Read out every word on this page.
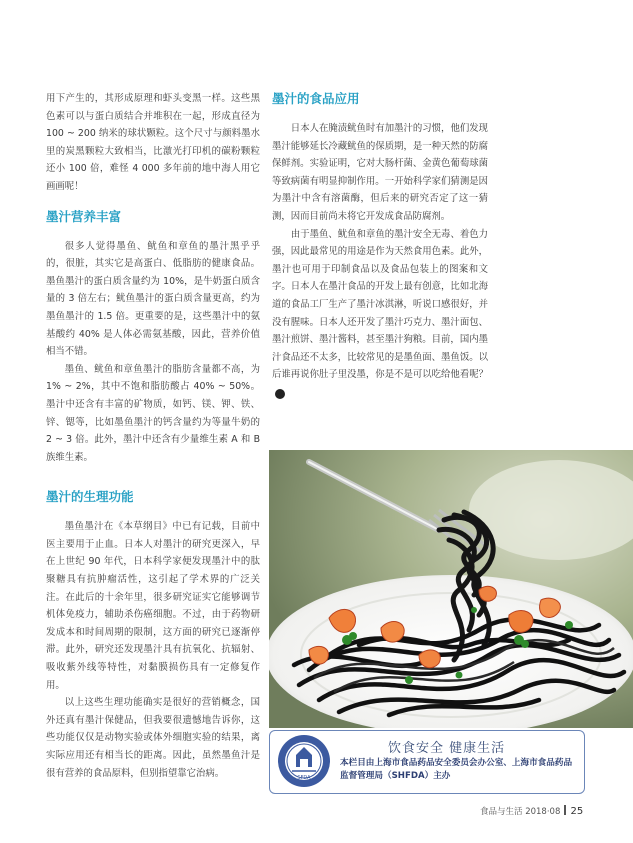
用下产生的，其形成原理和虾头变黑一样。这些黑色素可以与蛋白质结合并堆积在一起，形成直径为 100 ~ 200 纳米的球状颗粒。这个尺寸与颜料墨水里的炭黑颗粒大致相当，比激光打印机的碳粉颗粒还小 100 倍，难怪 4 000 多年前的地中海人用它画画呢！

墨汁营养丰富

很多人觉得墨鱼、鱿鱼和章鱼的墨汁黑乎乎的，很脏，其实它是高蛋白、低脂肪的健康食品。墨鱼墨汁的蛋白质含量约为 10%，是牛奶蛋白质含量的 3 倍左右；鱿鱼墨汁的蛋白质含量更高，约为墨鱼墨汁的 1.5 倍。更重要的是，这些墨汁中的氨基酸约 40% 是人体必需氨基酸，因此，营养价值相当不错。

墨鱼、鱿鱼和章鱼墨汁的脂肪含量都不高，为 1% ~ 2%，其中不饱和脂肪酸占 40% ~ 50%。墨汁中还含有丰富的矿物质，如钙、镁、钾、铁、锌、锶等，比如墨鱼墨汁的钙含量约为等量牛奶的 2 ~ 3 倍。此外，墨汁中还含有少量维生素 A 和 B 族维生素。

墨汁的生理功能

墨鱼墨汁在《本草纲目》中已有记载，目前中医主要用于止血。日本人对墨汁的研究更深入，早在上世纪 90 年代，日本科学家便发现墨汁中的肽聚糖具有抗肿瘤活性，这引起了学术界的广泛关注。在此后的十余年里，很多研究证实它能够调节机体免疫力，辅助杀伤癌细胞。不过，由于药物研发成本和时间周期的限制，这方面的研究已逐渐停滞。此外，研究还发现墨汁具有抗氧化、抗辐射、吸收紫外线等特性，对黏膜损伤具有一定修复作用。

以上这些生理功能确实是很好的营销概念，国外还真有墨汁保健品，但我要很遗憾地告诉你，这些功能仅仅是动物实验或体外细胞实验的结果，离实际应用还有相当长的距离。因此，虽然墨鱼汁是很有营养的食品原料，但别指望靠它治病。

墨汁的食品应用

日本人在腌渍鱿鱼时有加墨汁的习惯，他们发现墨汁能够延长冷藏鱿鱼的保质期，是一种天然的防腐保鲜剂。实验证明，它对大肠杆菌、金黄色葡萄球菌等致病菌有明显抑制作用。一开始科学家们猜测是因为墨汁中含有溶菌酶，但后来的研究否定了这一猜测，因而目前尚未将它开发成食品防腐剂。

由于墨鱼、鱿鱼和章鱼的墨汁安全无毒、着色力强，因此最常见的用途是作为天然食用色素。此外，墨汁也可用于印制食品以及食品包装上的图案和文字。日本人在墨汁食品的开发上最有创意，比如北海道的食品工厂生产了墨汁冰淇淋，听说口感很好，并没有腥味。日本人还开发了墨汁巧克力、墨汁面包、墨汁煎饼、墨汁酱料，甚至墨汁狗粮。目前，国内墨汁食品还不太多，比较常见的是墨鱼面、墨鱼饭。以后谁再说你肚子里没墨，你是不是可以吃给他看呢？F

SFDA
饮食安全 健康生活
本栏目由上海市食品药品安全委员会办公室、上海市食品药品监督管理局（SHFDA）主办
食品与生活 2018·08 25
